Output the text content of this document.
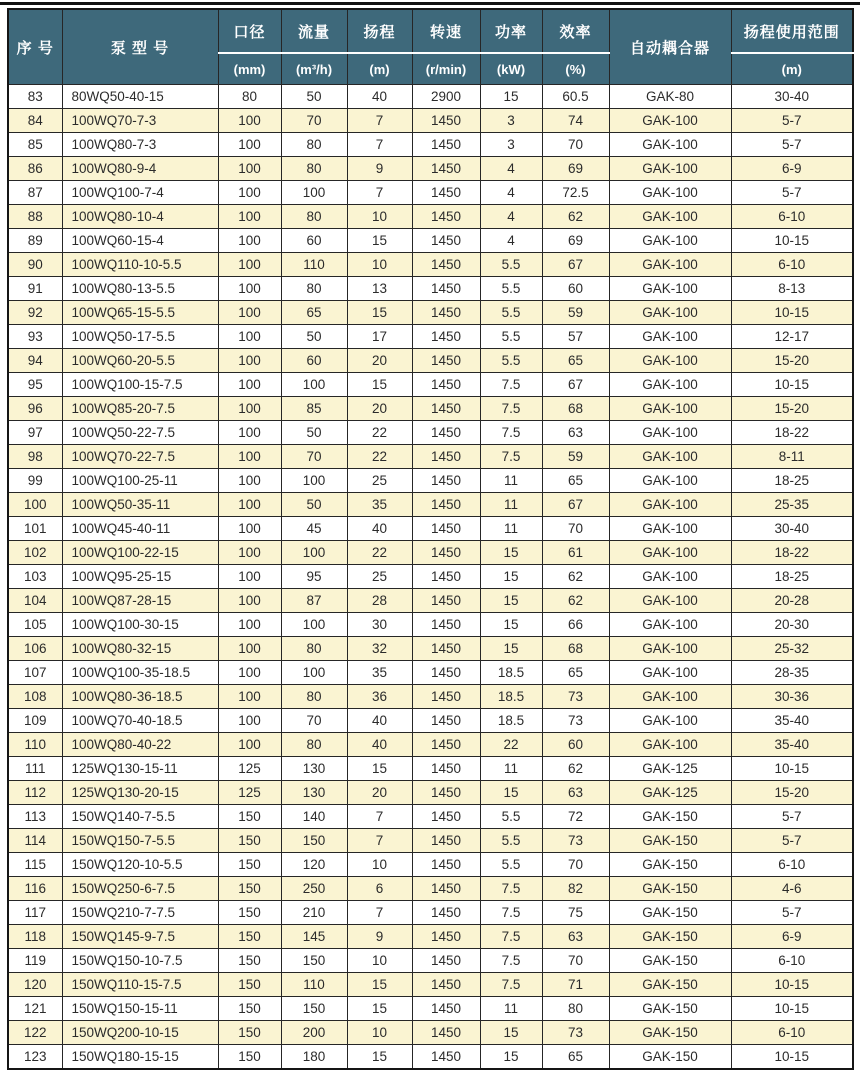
序 号	泵 型 号	口径	流量	扬程	转速	功率	效率	自动耦合器	扬程使用范围
		(mm)	(m³/h)	(m)	(r/min)	(kW)	(%)		(m)
83	80WQ50-40-15	80	50	40	2900	15	60.5	GAK-80	30-40
84	100WQ70-7-3	100	70	7	1450	3	74	GAK-100	5-7
85	100WQ80-7-3	100	80	7	1450	3	70	GAK-100	5-7
86	100WQ80-9-4	100	80	9	1450	4	69	GAK-100	6-9
87	100WQ100-7-4	100	100	7	1450	4	72.5	GAK-100	5-7
88	100WQ80-10-4	100	80	10	1450	4	62	GAK-100	6-10
89	100WQ60-15-4	100	60	15	1450	4	69	GAK-100	10-15
90	100WQ110-10-5.5	100	110	10	1450	5.5	67	GAK-100	6-10
91	100WQ80-13-5.5	100	80	13	1450	5.5	60	GAK-100	8-13
92	100WQ65-15-5.5	100	65	15	1450	5.5	59	GAK-100	10-15
93	100WQ50-17-5.5	100	50	17	1450	5.5	57	GAK-100	12-17
94	100WQ60-20-5.5	100	60	20	1450	5.5	65	GAK-100	15-20
95	100WQ100-15-7.5	100	100	15	1450	7.5	67	GAK-100	10-15
96	100WQ85-20-7.5	100	85	20	1450	7.5	68	GAK-100	15-20
97	100WQ50-22-7.5	100	50	22	1450	7.5	63	GAK-100	18-22
98	100WQ70-22-7.5	100	70	22	1450	7.5	59	GAK-100	8-11
99	100WQ100-25-11	100	100	25	1450	11	65	GAK-100	18-25
100	100WQ50-35-11	100	50	35	1450	11	67	GAK-100	25-35
101	100WQ45-40-11	100	45	40	1450	11	70	GAK-100	30-40
102	100WQ100-22-15	100	100	22	1450	15	61	GAK-100	18-22
103	100WQ95-25-15	100	95	25	1450	15	62	GAK-100	18-25
104	100WQ87-28-15	100	87	28	1450	15	62	GAK-100	20-28
105	100WQ100-30-15	100	100	30	1450	15	66	GAK-100	20-30
106	100WQ80-32-15	100	80	32	1450	15	68	GAK-100	25-32
107	100WQ100-35-18.5	100	100	35	1450	18.5	65	GAK-100	28-35
108	100WQ80-36-18.5	100	80	36	1450	18.5	73	GAK-100	30-36
109	100WQ70-40-18.5	100	70	40	1450	18.5	73	GAK-100	35-40
110	100WQ80-40-22	100	80	40	1450	22	60	GAK-100	35-40
111	125WQ130-15-11	125	130	15	1450	11	62	GAK-125	10-15
112	125WQ130-20-15	125	130	20	1450	15	63	GAK-125	15-20
113	150WQ140-7-5.5	150	140	7	1450	5.5	72	GAK-150	5-7
114	150WQ150-7-5.5	150	150	7	1450	5.5	73	GAK-150	5-7
115	150WQ120-10-5.5	150	120	10	1450	5.5	70	GAK-150	6-10
116	150WQ250-6-7.5	150	250	6	1450	7.5	82	GAK-150	4-6
117	150WQ210-7-7.5	150	210	7	1450	7.5	75	GAK-150	5-7
118	150WQ145-9-7.5	150	145	9	1450	7.5	63	GAK-150	6-9
119	150WQ150-10-7.5	150	150	10	1450	7.5	70	GAK-150	6-10
120	150WQ110-15-7.5	150	110	15	1450	7.5	71	GAK-150	10-15
121	150WQ150-15-11	150	150	15	1450	11	80	GAK-150	10-15
122	150WQ200-10-15	150	200	10	1450	15	73	GAK-150	6-10
123	150WQ180-15-15	150	180	15	1450	15	65	GAK-150	10-15
